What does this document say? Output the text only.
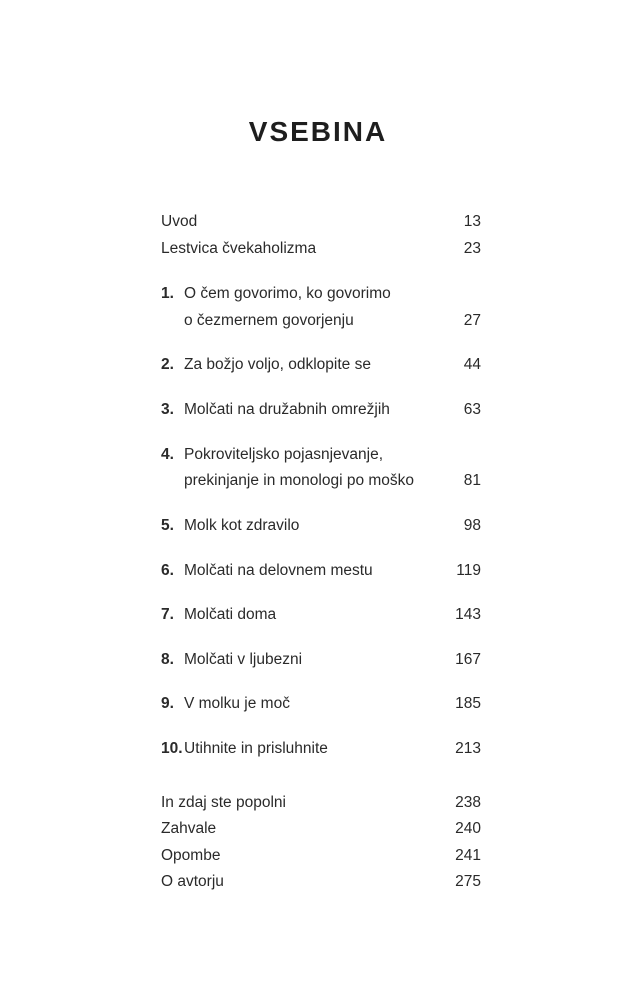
VSEBINA
Uvod	13
Lestvica čvekaholizma	23
1. O čem govorimo, ko govorimo
o čezmernem govorjenju	27
2. Za božjo voljo, odklopite se	44
3. Molčati na družabnih omrežjih	63
4. Pokroviteljsko pojasnjevanje,
prekinjanje in monologi po moško	81
5. Molk kot zdravilo	98
6. Molčati na delovnem mestu	119
7. Molčati doma	143
8. Molčati v ljubezni	167
9. V molku je moč	185
10. Utihnite in prisluhnite	213
In zdaj ste popolni	238
Zahvale	240
Opombe	241
O avtorju	275
